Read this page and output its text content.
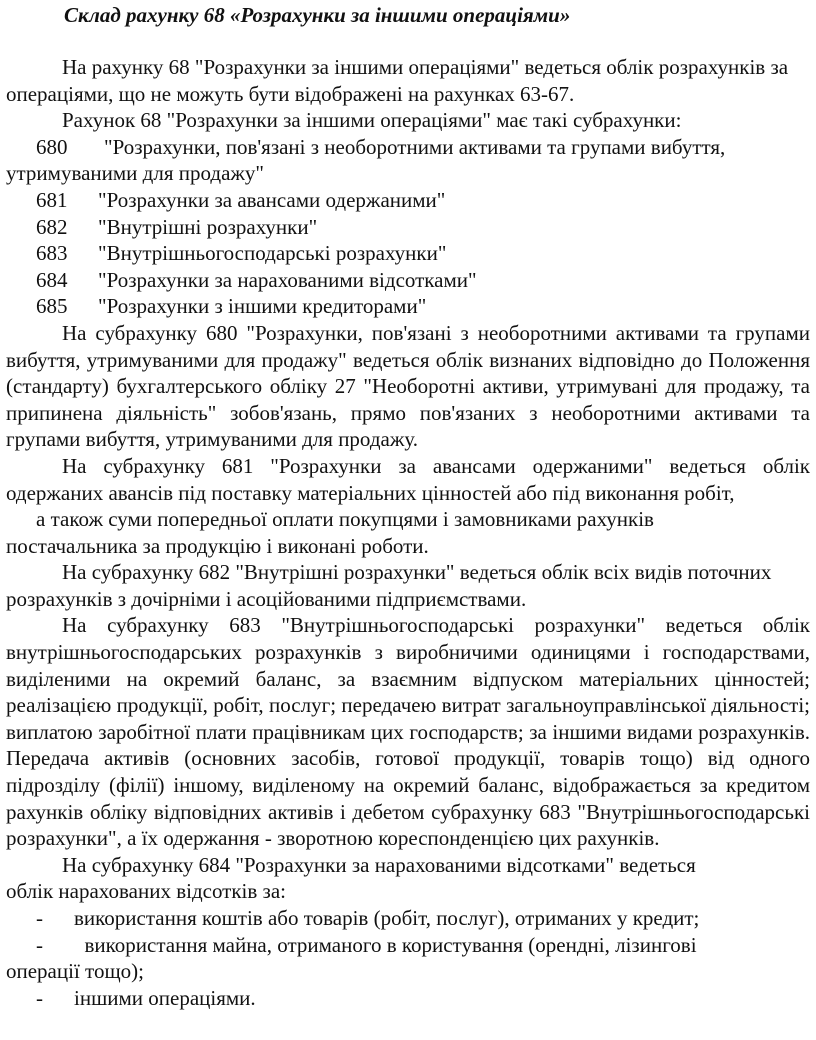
Склад рахунку 68 «Розрахунки за іншими операціями»

На рахунку 68 "Розрахунки за іншими операціями" ведеться облік розрахунків за операціями, що не можуть бути відображені на рахунках 63-67.

Рахунок 68 "Розрахунки за іншими операціями" має такі субрахунки:

680	"Розрахунки, пов'язані з необоротними активами та групами вибуття,

утримуваними для продажу"

681	"Розрахунки за авансами одержаними"
682	"Внутрішні розрахунки"
683	"Внутрішньогосподарські розрахунки"
684	"Розрахунки за нарахованими відсотками"
685	"Розрахунки з іншими кредиторами"

На субрахунку 680 "Розрахунки, пов'язані з необоротними активами та групами вибуття, утримуваними для продажу" ведеться облік визнаних відповідно до Положення (стандарту) бухгалтерського обліку 27 "Необоротні активи, утримувані для продажу, та припинена діяльність" зобов'язань, прямо пов'язаних з необоротними активами та групами вибуття, утримуваними для продажу.

На субрахунку 681 "Розрахунки за авансами одержаними" ведеться облік одержаних авансів під поставку матеріальних цінностей або під виконання робіт,

а також суми попередньої оплати покупцями і замовниками рахунків

постачальника за продукцію і виконані роботи.

На субрахунку 682 "Внутрішні розрахунки" ведеться облік всіх видів поточних розрахунків з дочірніми і асоційованими підприємствами.

На субрахунку 683 "Внутрішньогосподарські розрахунки" ведеться облік внутрішньогосподарських розрахунків з виробничими одиницями і господарствами, виділеними на окремий баланс, за взаємним відпуском матеріальних цінностей; реалізацією продукції, робіт, послуг; передачею витрат загальноуправлінської діяльності; виплатою заробітної плати працівникам цих господарств; за іншими видами розрахунків. Передача активів (основних засобів, готової продукції, товарів тощо) від одного підрозділу (філії) іншому, виділеному на окремий баланс, відображається за кредитом рахунків обліку відповідних активів і дебетом субрахунку 683 "Внутрішньогосподарські розрахунки", а їх одержання - зворотною кореспонденцією цих рахунків.

На субрахунку 684 "Розрахунки за нарахованими відсотками" ведеться

облік нарахованих відсотків за:

-	використання коштів або товарів (робіт, послуг), отриманих у кредит;
-	використання майна, отриманого в користування (орендні, лізингові

операції тощо);

-	іншими операціями.
